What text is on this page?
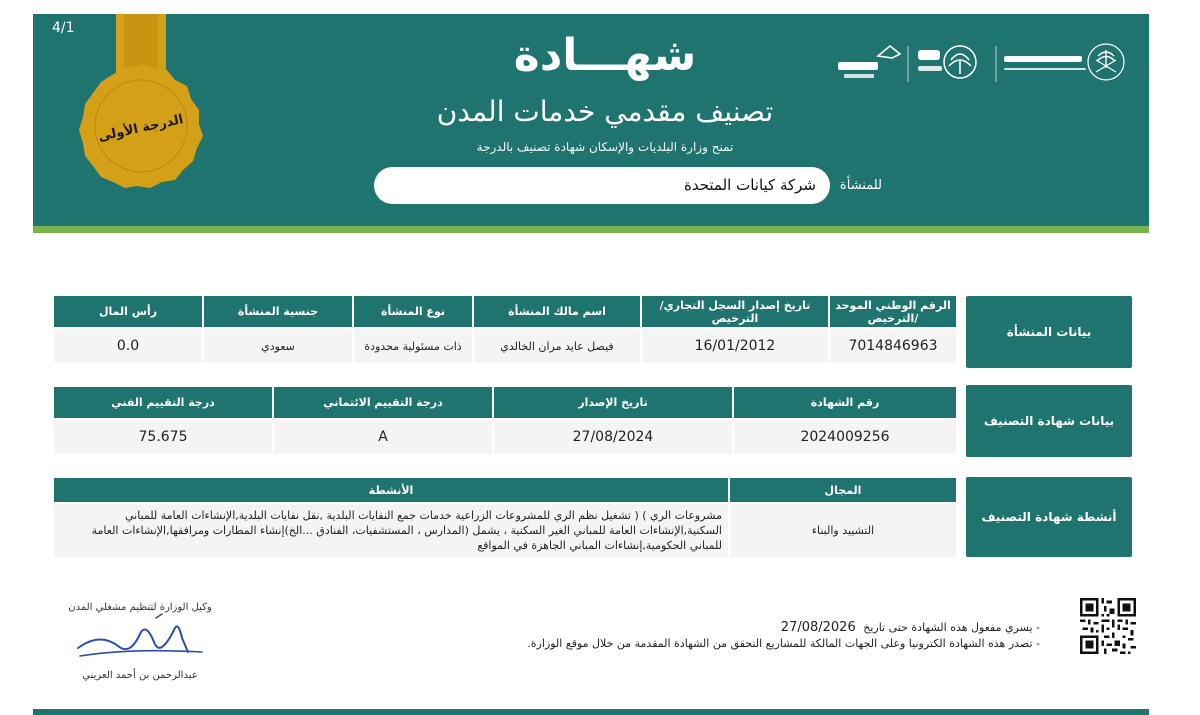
4/1
الدرجة الأولى
شهـــادة
تصنيف مقدمي خدمات المدن
تمنح وزارة البلديات والإسكان شهادة تصنيف بالدرجة
للمنشأة
شركة كيانات المتحدة
بيانات المنشأة
رأس المال	جنسية المنشأة	نوع المنشأة	اسم مالك المنشأة	تاريخ إصدار السجل التجاري/ الترخيص	الرقم الوطني الموحد /الترخيص
0.0	سعودي	ذات مسئولية محدودة	فيصل عايد مران الخالدي	16/01/2012	7014846963
بيانات شهادة التصنيف
درجة التقييم الفني	درجة التقييم الائتماني	تاريخ الإصدار	رقم الشهادة
75.675	A	27/08/2024	2024009256
أنشطة شهادة التصنيف
الأنشطة	المجال
مشروعات الري ) ( تشغيل نظم الري للمشروعات الزراعية خدمات جمع النفايات البلدية ,نقل نفايات البلدية,الإنشاءات العامة للمباني السكنية,الإنشاءات العامة للمباني الغير السكنية ، يشمل (المدارس ، المستشفيات، الفنادق ...الخ)إنشاء المطارات ومرافقها,الإنشاءات العامة للمباني الحكومية,إنشاءات المباني الجاهزة في المواقع	التشييد والبناء
- يسري مفعول هذه الشهادة حتى تاريخ 27/08/2026
- تصدر هذه الشهادة الكترونيا وعلى الجهات المالكة للمشاريع التحقق من الشهادة المقدمة من خلال موقع الوزارة.
وكيل الوزارة لتنظيم مشغلي المدن
عبدالرحمن بن أحمد العريني
